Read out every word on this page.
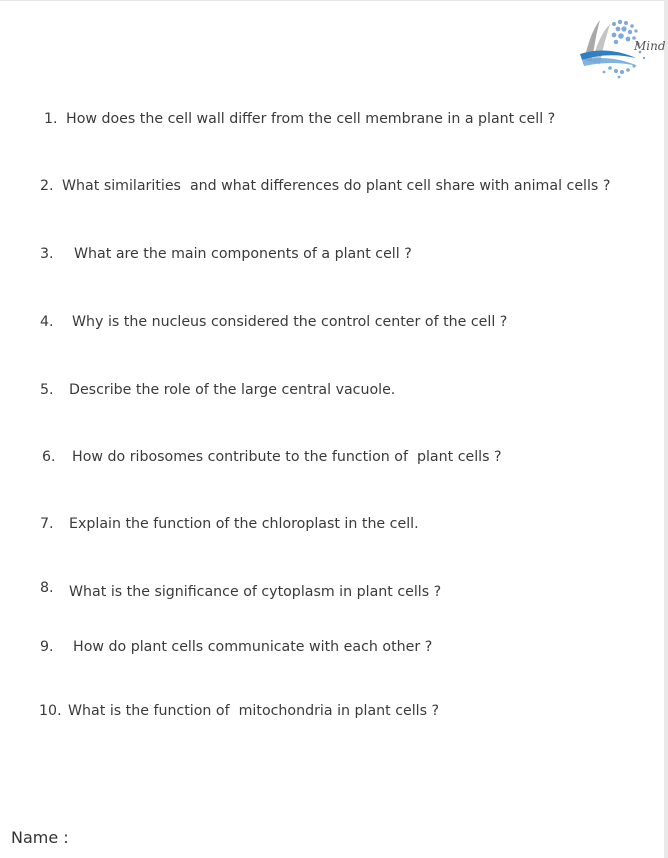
Mind

1. How does the cell wall differ from the cell membrane in a plant cell ?

2. What similarities  and what differences do plant cell share with animal cells ?

3. What are the main components of a plant cell ?

4. Why is the nucleus considered the control center of the cell ?

5. Describe the role of the large central vacuole.

6. How do ribosomes contribute to the function of  plant cells ?

7. Explain the function of the chloroplast in the cell.

8. What is the significance of cytoplasm in plant cells ?

9. How do plant cells communicate with each other ?

10. What is the function of  mitochondria in plant cells ?

Name :
